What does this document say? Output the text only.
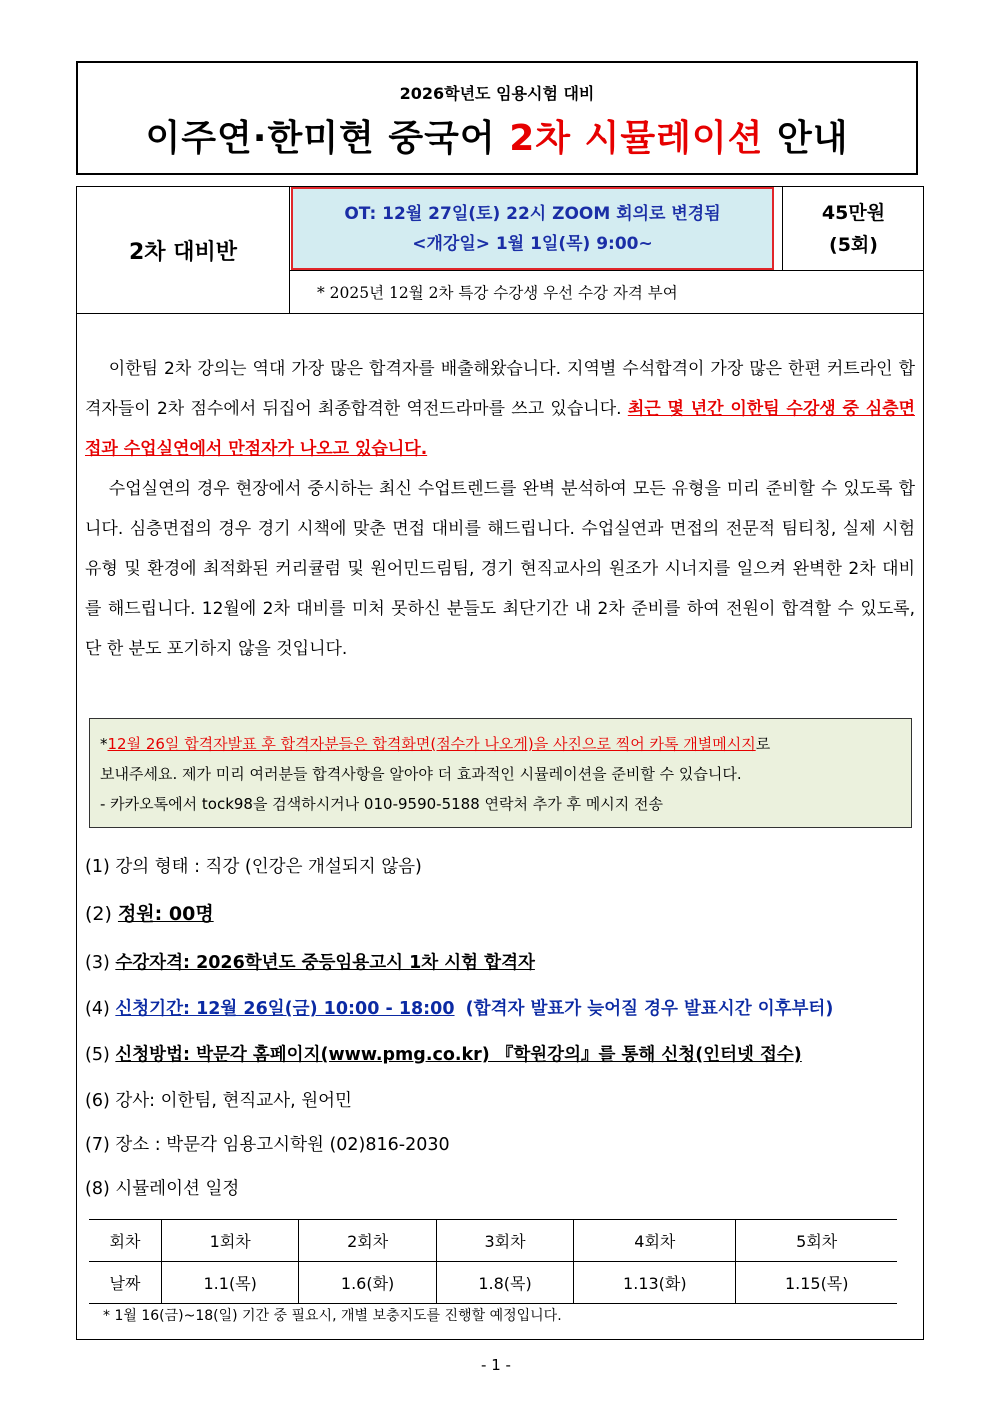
2026학년도 임용시험 대비
이주연·한미현 중국어 2차 시뮬레이션 안내
2차 대비반
OT: 12월 27일(토) 22시 ZOOM 회의로 변경됨
<개강일> 1월 1일(목) 9:00~
45만원
(5회)
* 2025년 12월 2차 특강 수강생 우선 수강 자격 부여

이한팀 2차 강의는 역대 가장 많은 합격자를 배출해왔습니다. 지역별 수석합격이 가장 많은 한편 커트라인 합격자들이 2차 점수에서 뒤집어 최종합격한 역전드라마를 쓰고 있습니다. 최근 몇 년간 이한팀 수강생 중 심층면접과 수업실연에서 만점자가 나오고 있습니다.

수업실연의 경우 현장에서 중시하는 최신 수업트렌드를 완벽 분석하여 모든 유형을 미리 준비할 수 있도록 합니다. 심층면접의 경우 경기 시책에 맞춘 면접 대비를 해드립니다. 수업실연과 면접의 전문적 팀티칭, 실제 시험유형 및 환경에 최적화된 커리큘럼 및 원어민드림팀, 경기 현직교사의 원조가 시너지를 일으켜 완벽한 2차 대비를 해드립니다. 12월에 2차 대비를 미처 못하신 분들도 최단기간 내 2차 준비를 하여 전원이 합격할 수 있도록, 단 한 분도 포기하지 않을 것입니다.

*12월 26일 합격자발표 후 합격자분들은 합격화면(점수가 나오게)을 사진으로 찍어 카톡 개별메시지로
보내주세요. 제가 미리 여러분들 합격사항을 알아야 더 효과적인 시뮬레이션을 준비할 수 있습니다.
- 카카오톡에서 tock98을 검색하시거나 010-9590-5188 연락처 추가 후 메시지 전송
(1) 강의 형태 : 직강 (인강은 개설되지 않음)
(2) 정원: 00명
(3) 수강자격: 2026학년도 중등임용고시 1차 시험 합격자
(4) 신청기간: 12월 26일(금) 10:00 - 18:00 (합격자 발표가 늦어질 경우 발표시간 이후부터)
(5) 신청방법: 박문각 홈페이지(www.pmg.co.kr) 『학원강의』를 통해 신청(인터넷 접수)
(6) 강사: 이한팀, 현직교사, 원어민
(7) 장소 : 박문각 임용고시학원 (02)816-2030
(8) 시뮬레이션 일정
회차	1회차	2회차	3회차	4회차	5회차
날짜	1.1(목)	1.6(화)	1.8(목)	1.13(화)	1.15(목)
* 1월 16(금)~18(일) 기간 중 필요시, 개별 보충지도를 진행할 예정입니다.
- 1 -
